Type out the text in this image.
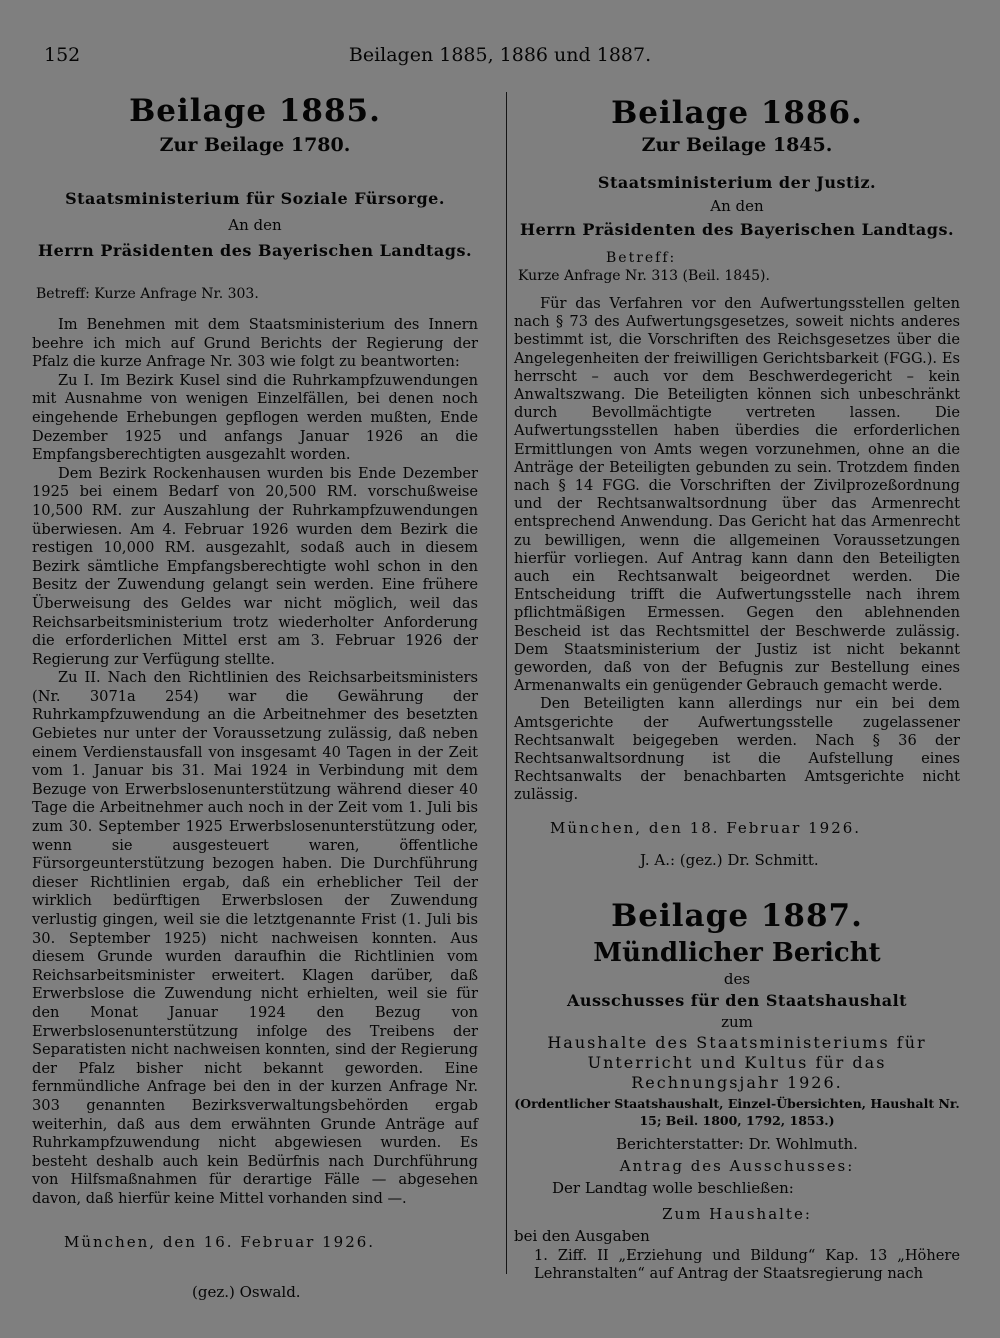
152	Beilagen 1885, 1886 und 1887.
Beilage 1885.
Zur Beilage 1780.
Staatsministerium für Soziale Fürsorge.
An den
Herrn Präsidenten des Bayerischen Landtags.
Betreff: Kurze Anfrage Nr. 303.

Im Benehmen mit dem Staatsministerium des Innern beehre ich mich auf Grund Berichts der Regierung der Pfalz die kurze Anfrage Nr. 303 wie folgt zu beantworten:

Zu I. Im Bezirk Kusel sind die Ruhrkampfzuwendungen mit Ausnahme von wenigen Einzelfällen, bei denen noch eingehende Erhebungen gepflogen werden mußten, Ende Dezember 1925 und anfangs Januar 1926 an die Empfangsberechtigten ausgezahlt worden.

Dem Bezirk Rockenhausen wurden bis Ende Dezember 1925 bei einem Bedarf von 20,500 RM. vorschußweise 10,500 RM. zur Auszahlung der Ruhrkampfzuwendungen überwiesen. Am 4. Februar 1926 wurden dem Bezirk die restigen 10,000 RM. ausgezahlt, sodaß auch in diesem Bezirk sämtliche Empfangsberechtigte wohl schon in den Besitz der Zuwendung gelangt sein werden. Eine frühere Überweisung des Geldes war nicht möglich, weil das Reichsarbeitsministerium trotz wiederholter Anforderung die erforderlichen Mittel erst am 3. Februar 1926 der Regierung zur Verfügung stellte.

Zu II. Nach den Richtlinien des Reichsarbeitsministers (Nr. 3071a 254) war die Gewährung der Ruhrkampfzuwendung an die Arbeitnehmer des besetzten Gebietes nur unter der Voraussetzung zulässig, daß neben einem Verdienstausfall von insgesamt 40 Tagen in der Zeit vom 1. Januar bis 31. Mai 1924 in Verbindung mit dem Bezuge von Erwerbslosenunterstützung während dieser 40 Tage die Arbeitnehmer auch noch in der Zeit vom 1. Juli bis zum 30. September 1925 Erwerbslosenunterstützung oder, wenn sie ausgesteuert waren, öffentliche Fürsorgeunterstützung bezogen haben. Die Durchführung dieser Richtlinien ergab, daß ein erheblicher Teil der wirklich bedürftigen Erwerbslosen der Zuwendung verlustig gingen, weil sie die letztgenannte Frist (1. Juli bis 30. September 1925) nicht nachweisen konnten. Aus diesem Grunde wurden daraufhin die Richtlinien vom Reichsarbeitsminister erweitert. Klagen darüber, daß Erwerbslose die Zuwendung nicht erhielten, weil sie für den Monat Januar 1924 den Bezug von Erwerbslosenunterstützung infolge des Treibens der Separatisten nicht nachweisen konnten, sind der Regierung der Pfalz bisher nicht bekannt geworden. Eine fernmündliche Anfrage bei den in der kurzen Anfrage Nr. 303 genannten Bezirksverwaltungsbehörden ergab weiterhin, daß aus dem erwähnten Grunde Anträge auf Ruhrkampfzuwendung nicht abgewiesen wurden. Es besteht deshalb auch kein Bedürfnis nach Durchführung von Hilfsmaßnahmen für derartige Fälle — abgesehen davon, daß hierfür keine Mittel vorhanden sind —.

München, den 16. Februar 1926.
(gez.) Oswald.
Beilage 1886.
Zur Beilage 1845.
Staatsministerium der Justiz.
An den
Herrn Präsidenten des Bayerischen Landtags.
Betreff:
Kurze Anfrage Nr. 313 (Beil. 1845).

Für das Verfahren vor den Aufwertungsstellen gelten nach § 73 des Aufwertungsgesetzes, soweit nichts anderes bestimmt ist, die Vorschriften des Reichsgesetzes über die Angelegenheiten der freiwilligen Gerichtsbarkeit (FGG.). Es herrscht – auch vor dem Beschwerdegericht – kein Anwaltszwang. Die Beteiligten können sich unbeschränkt durch Bevollmächtigte vertreten lassen. Die Aufwertungsstellen haben überdies die erforderlichen Ermittlungen von Amts wegen vorzunehmen, ohne an die Anträge der Beteiligten gebunden zu sein. Trotzdem finden nach § 14 FGG. die Vorschriften der Zivilprozeßordnung und der Rechtsanwaltsordnung über das Armenrecht entsprechend Anwendung. Das Gericht hat das Armenrecht zu bewilligen, wenn die allgemeinen Voraussetzungen hierfür vorliegen. Auf Antrag kann dann den Beteiligten auch ein Rechtsanwalt beigeordnet werden. Die Entscheidung trifft die Aufwertungsstelle nach ihrem pflichtmäßigen Ermessen. Gegen den ablehnenden Bescheid ist das Rechtsmittel der Beschwerde zulässig. Dem Staatsministerium der Justiz ist nicht bekannt geworden, daß von der Befugnis zur Bestellung eines Armenanwalts ein genügender Gebrauch gemacht werde.

Den Beteiligten kann allerdings nur ein bei dem Amtsgerichte der Aufwertungsstelle zugelassener Rechtsanwalt beigegeben werden. Nach § 36 der Rechtsanwaltsordnung ist die Aufstellung eines Rechtsanwalts der benachbarten Amtsgerichte nicht zulässig.

München, den 18. Februar 1926.
J. A.: (gez.) Dr. Schmitt.
Beilage 1887.
Mündlicher Bericht
des
Ausschusses für den Staatshaushalt
zum
Haushalte des Staatsministeriums für Unterricht und Kultus für das Rechnungsjahr 1926.
(Ordentlicher Staatshaushalt, Einzel-Übersichten, Haushalt Nr. 15; Beil. 1800, 1792, 1853.)
Berichterstatter: Dr. Wohlmuth.
Antrag des Ausschusses:
Der Landtag wolle beschließen:
Zum Haushalte:
bei den Ausgaben

1. Ziff. II „Erziehung und Bildung“ Kap. 13 „Höhere Lehranstalten“ auf Antrag der Staatsregierung nach
